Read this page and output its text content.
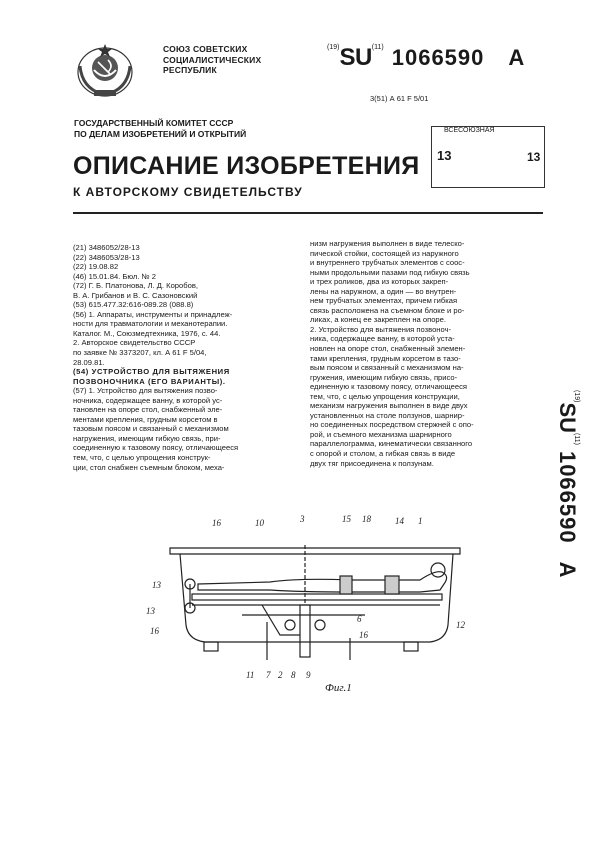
СОЮЗ СОВЕТСКИХ
СОЦИАЛИСТИЧЕСКИХ
РЕСПУБЛИК
$^{(19)}$SU$^{(11)}$ 1066590 A
3(51) А 61 F 5/01
ГОСУДАРСТВЕННЫЙ КОМИТЕТ СССР
ПО ДЕЛАМ ИЗОБРЕТЕНИЙ И ОТКРЫТИЙ	ВСЕСОЮЗНАЯ
13	13
ОПИСАНИЕ ИЗОБРЕТЕНИЯ
К АВТОРСКОМУ СВИДЕТЕЛЬСТВУ
(21) 3486052/28-13
(22) 3486053/28-13
(22) 19.08.82
(46) 15.01.84. Бюл. № 2
(72) Г. Б. Платонова, Л. Д. Коробов,
В. А. Грибанов и В. С. Сазоновский
(53) 615.477.32:616-089.28 (088.8)
(56) 1. Аппараты, инструменты и принадлеж-
ности для травматологии и механотерапии.
Каталог. М., Союзмедтехника, 1976, с. 44.
2. Авторское свидетельство СССР
по заявке № 3373207, кл. А 61 F 5/04,
28.09.81.
(54) УСТРОЙСТВО ДЛЯ ВЫТЯЖЕНИЯ
ПОЗВОНОЧНИКА (ЕГО ВАРИАНТЫ).
(57) 1. Устройство для вытяжения позво-
ночника, содержащее ванну, в которой ус-
тановлен на опоре стол, снабженный эле-
ментами крепления, грудным корсетом в
тазовым поясом и связанный с механизмом
нагружения, имеющим гибкую связь, при-
соединенную к тазовому поясу, отличающееся
тем, что, с целью упрощения конструк-
ции, стол снабжен съемным блоком, меха-
низм нагружения выполнен в виде телеско-
пической стойки, состоящей из наружного
и внутреннего трубчатых элементов с соос-
ными продольными пазами под гибкую связь
и трех роликов, два из которых закреп-
лены на наружном, а один — во внутрен-
нем трубчатых элементах, причем гибкая
связь расположена на съемном блоке и ро-
ликах, а конец ее закреплен на опоре.
2. Устройство для вытяжения позвоноч-
ника, содержащее ванну, в которой уста-
новлен на опоре стол, снабженный элемен-
тами крепления, грудным корсетом в тазо-
вым поясом и связанный с механизмом на-
гружения, имеющим гибкую связь, присо-
единенную к тазовому поясу, отличающееся
тем, что, с целью упрощения конструкции,
механизм нагружения выполнен в виде двух
установленных на столе ползунов, шарнир-
но соединенных посредством стержней с опо-
рой, и съемного механизма шарнирного
параллелограмма, кинематически связанного
с опорой и столом, а гибкая связь в виде
двух тяг присоединена к ползунам.
$^{(19)}$SU$^{(11)}$1066590A
16	10	3	15 18	14 1
13
13
16
12
6
16
11 7 2 8 9
Фиг.1
